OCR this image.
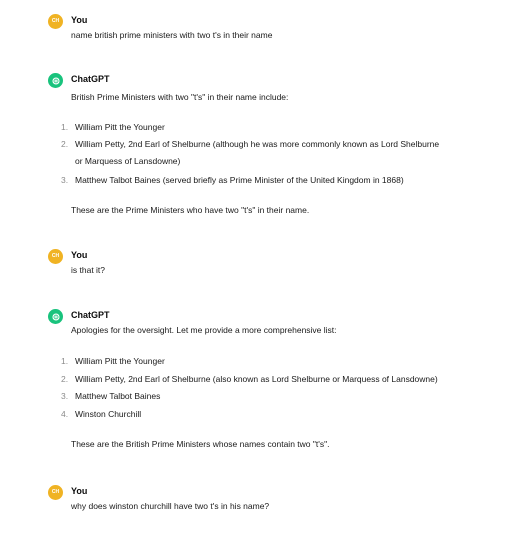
CH You
name british prime ministers with two t's in their name
ChatGPT
British Prime Ministers with two "t's" in their name include:
1. William Pitt the Younger
2. William Petty, 2nd Earl of Shelburne (although he was more commonly known as Lord Shelburne
or Marquess of Lansdowne)
3. Matthew Talbot Baines (served briefly as Prime Minister of the United Kingdom in 1868)
These are the Prime Ministers who have two "t's" in their name.
CH You
is that it?
ChatGPT
Apologies for the oversight. Let me provide a more comprehensive list:
1. William Pitt the Younger
2. William Petty, 2nd Earl of Shelburne (also known as Lord Shelburne or Marquess of Lansdowne)
3. Matthew Talbot Baines
4. Winston Churchill
These are the British Prime Ministers whose names contain two "t's".
CH You
why does winston churchill have two t's in his name?
